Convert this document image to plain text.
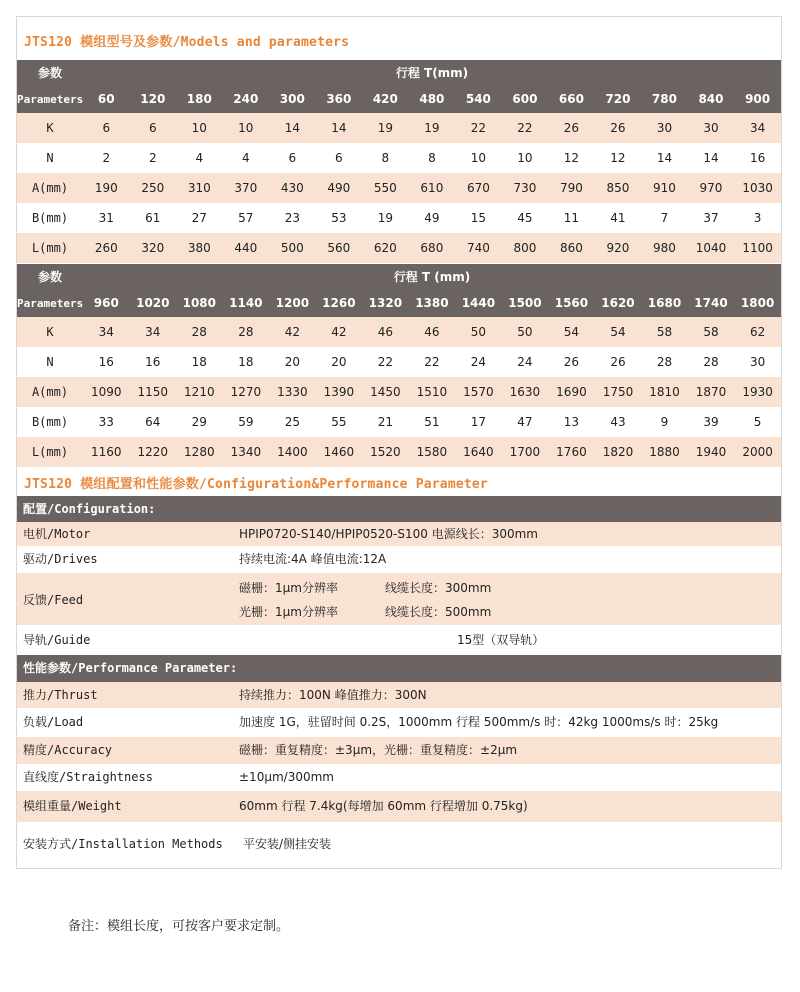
JTS120 模组型号及参数/Models and parameters
参数	行程 T(mm)														
Parameters	60	120	180	240	300	360	420	480	540	600	660	720	780	840	900
K	6	6	10	10	14	14	19	19	22	22	26	26	30	30	34
N	2	2	4	4	6	6	8	8	10	10	12	12	14	14	16
A(mm)	190	250	310	370	430	490	550	610	670	730	790	850	910	970	1030
B(mm)	31	61	27	57	23	53	19	49	15	45	11	41	7	37	3
L(mm)	260	320	380	440	500	560	620	680	740	800	860	920	980	1040	1100
参数	行程 T (mm)														
Parameters	960	1020	1080	1140	1200	1260	1320	1380	1440	1500	1560	1620	1680	1740	1800
K	34	34	28	28	42	42	46	46	50	50	54	54	58	58	62
N	16	16	18	18	20	20	22	22	24	24	26	26	28	28	30
A(mm)	1090	1150	1210	1270	1330	1390	1450	1510	1570	1630	1690	1750	1810	1870	1930
B(mm)	33	64	29	59	25	55	21	51	17	47	13	43	9	39	5
L(mm)	1160	1220	1280	1340	1400	1460	1520	1580	1640	1700	1760	1820	1880	1940	2000
JTS120 模组配置和性能参数/Configuration&Performance Parameter
配置/Configuration:
电机/Motor	HPIP0720-S140/HPIP0520-S100 电源线长：300mm
驱动/Drives	持续电流:4A 峰值电流:12A
反馈/Feed
磁栅：1μm分辨率	线缆长度：300mm
光栅：1μm分辨率	线缆长度：500mm
导轨/Guide	15型（双导轨）
性能参数/Performance Parameter:
推力/Thrust	持续推力：100N 峰值推力：300N
负载/Load	加速度 1G，驻留时间 0.2S，1000mm 行程 500mm/s 时：42kg 1000ms/s 时：25kg
精度/Accuracy	磁栅：重复精度：±3μm，光栅：重复精度：±2μm
直线度/Straightness	±10μm/300mm
模组重量/Weight	60mm 行程 7.4kg(每增加 60mm 行程增加 0.75kg)
安装方式/Installation Methods 平安装/侧挂安装
备注：模组长度，可按客户要求定制。
